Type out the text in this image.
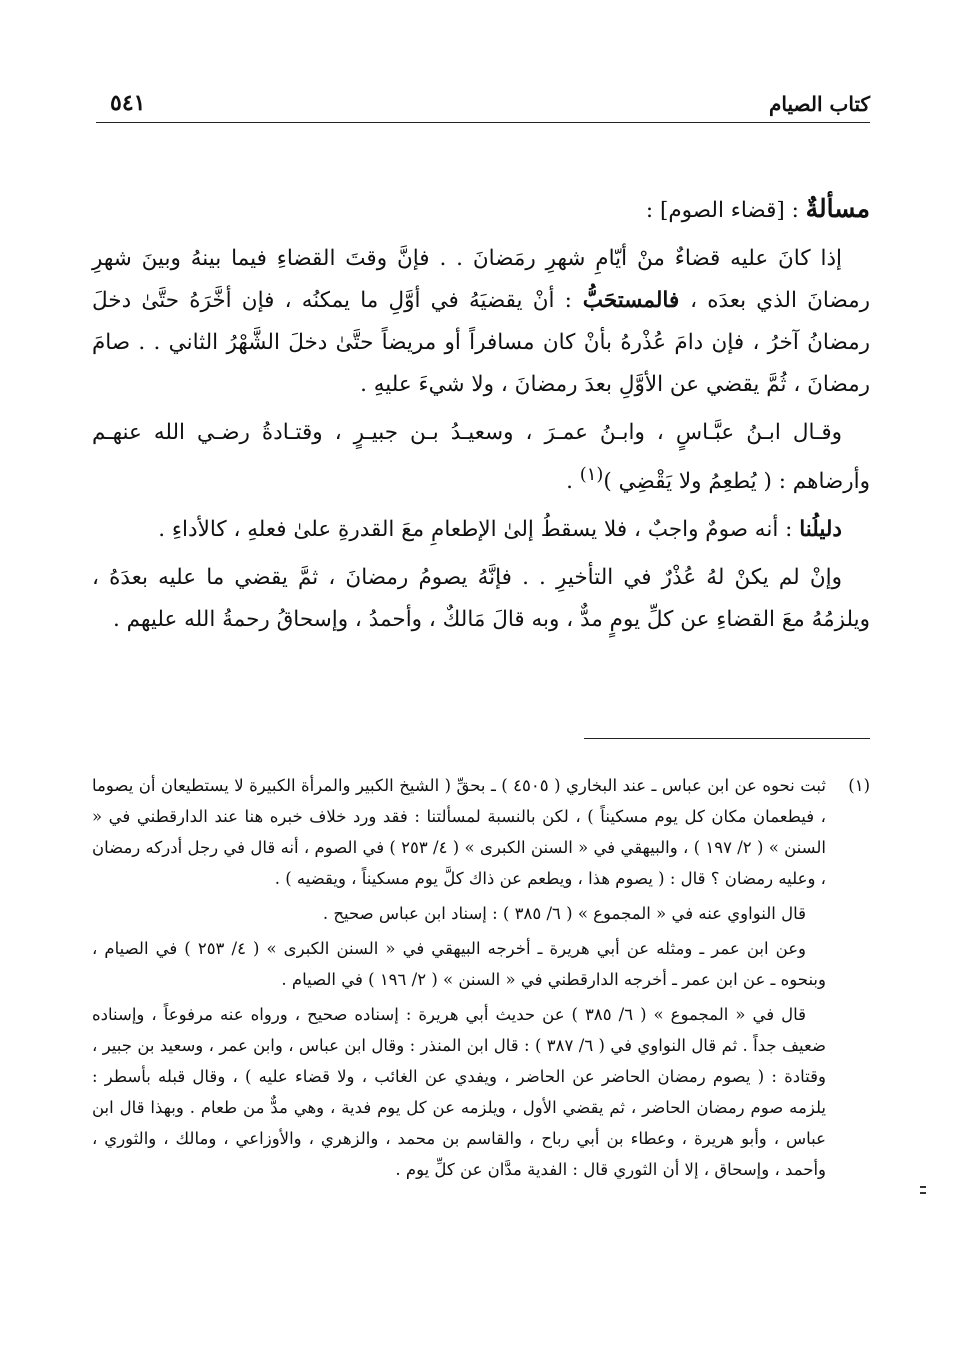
كتاب الصيام
٥٤١

مسألةٌ : [قضاء الصوم] :

إذا كانَ عليه قضاءٌ منْ أيّامِ شهرِ رمَضانَ . . فإنَّ وقتَ القضاءِ فيما بينهُ وبينَ شهرِ رمضانَ الذي بعدَه ، فالمستحَبُّ : أنْ يقضيَهُ في أوَّلِ ما يمكنُه ، فإن أخَّرَهُ حتَّىٰ دخلَ رمضانُ آخرُ ، فإن دامَ عُذْرهُ بأنْ كان مسافراً أو مريضاً حتَّىٰ دخلَ الشَّهْرُ الثاني . . صامَ رمضانَ ، ثُمَّ يقضي عن الأوَّلِ بعدَ رمضانَ ، ولا شيءَ عليهِ .

وقـال ابـنُ عبَّـاسٍ ، وابـنُ عمـرَ ، وسعيـدُ بـن جبيـرٍ ، وقتـادةُ رضـي الله عنهـم وأرضاهم : ( يُطعِمُ ولا يَقْضِي )$^{(١)}$ .

دليلُنا : أنه صومٌ واجبٌ ، فلا يسقطُ إلىٰ الإطعامِ معَ القدرةِ علىٰ فعلهِ ، كالأداءِ .

وإنْ لم يكنْ لهُ عُذْرٌ في التأخيرِ . . فإنَّهُ يصومُ رمضانَ ، ثمَّ يقضي ما عليه بعدَهُ ، ويلزمُهُ معَ القضاءِ عن كلِّ يومٍ مدٌّ ، وبه قالَ مَالكٌ ، وأحمدُ ، وإسحاقُ رحمةُ الله عليهم .

(١)

ثبت نحوه عن ابن عباس ـ عند البخاري ( ٤٥٠٥ ) ـ بحقِّ ( الشيخ الكبير والمرأة الكبيرة لا يستطيعان أن يصوما ، فيطعمان مكان كل يوم مسكيناً ) ، لكن بالنسبة لمسألتنا : فقد ورد خلاف خبره هنا عند الدارقطني في « السنن » ( ٢/ ١٩٧ ) ، والبيهقي في « السنن الكبرى » ( ٤/ ٢٥٣ ) في الصوم ، أنه قال في رجل أدركه رمضان ، وعليه رمضان ؟ قال : ( يصوم هذا ، ويطعم عن ذاك كلَّ يوم مسكيناً ، ويقضيه ) .

قال النواوي عنه في « المجموع » ( ٦/ ٣٨٥ ) : إسناد ابن عباس صحيح .

وعن ابن عمر ـ ومثله عن أبي هريرة ـ أخرجه البيهقي في « السنن الكبرى » ( ٤/ ٢٥٣ ) في الصيام ، وبنحوه ـ عن ابن عمر ـ أخرجه الدارقطني في « السنن » ( ٢/ ١٩٦ ) في الصيام .

قال في « المجموع » ( ٦/ ٣٨٥ ) عن حديث أبي هريرة : إسناده صحيح ، ورواه عنه مرفوعاً ، وإسناده ضعيف جداً . ثم قال النواوي في ( ٦/ ٣٨٧ ) : قال ابن المنذر : وقال ابن عباس ، وابن عمر ، وسعيد بن جبير ، وقتادة : ( يصوم رمضان الحاضر عن الحاضر ، ويفدي عن الغائب ، ولا قضاء عليه ) ، وقال قبله بأسطر : يلزمه صوم رمضان الحاضر ، ثم يقضي الأول ، ويلزمه عن كل يوم فدية ، وهي مدٌّ من طعام . وبهذا قال ابن عباس ، وأبو هريرة ، وعطاء بن أبي رباح ، والقاسم بن محمد ، والزهري ، والأوزاعي ، ومالك ، والثوري ، وأحمد ، وإسحاق ، إلا أن الثوري قال : الفدية مدَّان عن كلِّ يوم .
